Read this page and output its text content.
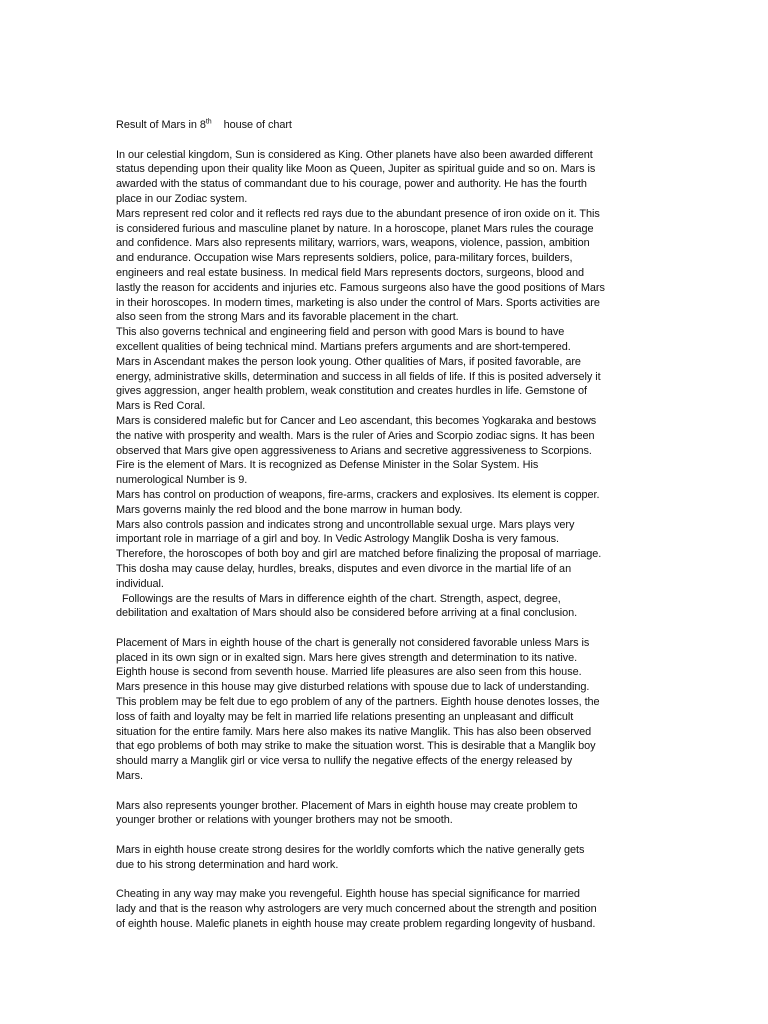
Result of Mars in 8th house of chart
In our celestial kingdom, Sun is considered as King. Other planets have also been awarded different
status depending upon their quality like Moon as Queen, Jupiter as spiritual guide and so on. Mars is
awarded with the status of commandant due to his courage, power and authority. He has the fourth
place in our Zodiac system.
Mars represent red color and it reflects red rays due to the abundant presence of iron oxide on it. This
is considered furious and masculine planet by nature. In a horoscope, planet Mars rules the courage
and confidence. Mars also represents military, warriors, wars, weapons, violence, passion, ambition
and endurance. Occupation wise Mars represents soldiers, police, para-military forces, builders,
engineers and real estate business. In medical field Mars represents doctors, surgeons, blood and
lastly the reason for accidents and injuries etc. Famous surgeons also have the good positions of Mars
in their horoscopes. In modern times, marketing is also under the control of Mars. Sports activities are
also seen from the strong Mars and its favorable placement in the chart.
This also governs technical and engineering field and person with good Mars is bound to have
excellent qualities of being technical mind. Martians prefers arguments and are short-tempered.
Mars in Ascendant makes the person look young. Other qualities of Mars, if posited favorable, are
energy, administrative skills, determination and success in all fields of life. If this is posited adversely it
gives aggression, anger health problem, weak constitution and creates hurdles in life. Gemstone of
Mars is Red Coral.
Mars is considered malefic but for Cancer and Leo ascendant, this becomes Yogkaraka and bestows
the native with prosperity and wealth. Mars is the ruler of Aries and Scorpio zodiac signs. It has been
observed that Mars give open aggressiveness to Arians and secretive aggressiveness to Scorpions.
Fire is the element of Mars. It is recognized as Defense Minister in the Solar System. His
numerological Number is 9.
Mars has control on production of weapons, fire-arms, crackers and explosives. Its element is copper.
Mars governs mainly the red blood and the bone marrow in human body.
Mars also controls passion and indicates strong and uncontrollable sexual urge. Mars plays very
important role in marriage of a girl and boy. In Vedic Astrology Manglik Dosha is very famous.
Therefore, the horoscopes of both boy and girl are matched before finalizing the proposal of marriage.
This dosha may cause delay, hurdles, breaks, disputes and even divorce in the martial life of an
individual.
Followings are the results of Mars in difference eighth of the chart. Strength, aspect, degree,
debilitation and exaltation of Mars should also be considered before arriving at a final conclusion.
Placement of Mars in eighth house of the chart is generally not considered favorable unless Mars is
placed in its own sign or in exalted sign. Mars here gives strength and determination to its native.
Eighth house is second from seventh house. Married life pleasures are also seen from this house.
Mars presence in this house may give disturbed relations with spouse due to lack of understanding.
This problem may be felt due to ego problem of any of the partners. Eighth house denotes losses, the
loss of faith and loyalty may be felt in married life relations presenting an unpleasant and difficult
situation for the entire family. Mars here also makes its native Manglik. This has also been observed
that ego problems of both may strike to make the situation worst. This is desirable that a Manglik boy
should marry a Manglik girl or vice versa to nullify the negative effects of the energy released by
Mars.
Mars also represents younger brother. Placement of Mars in eighth house may create problem to
younger brother or relations with younger brothers may not be smooth.
Mars in eighth house create strong desires for the worldly comforts which the native generally gets
due to his strong determination and hard work.
Cheating in any way may make you revengeful. Eighth house has special significance for married
lady and that is the reason why astrologers are very much concerned about the strength and position
of eighth house. Malefic planets in eighth house may create problem regarding longevity of husband.
